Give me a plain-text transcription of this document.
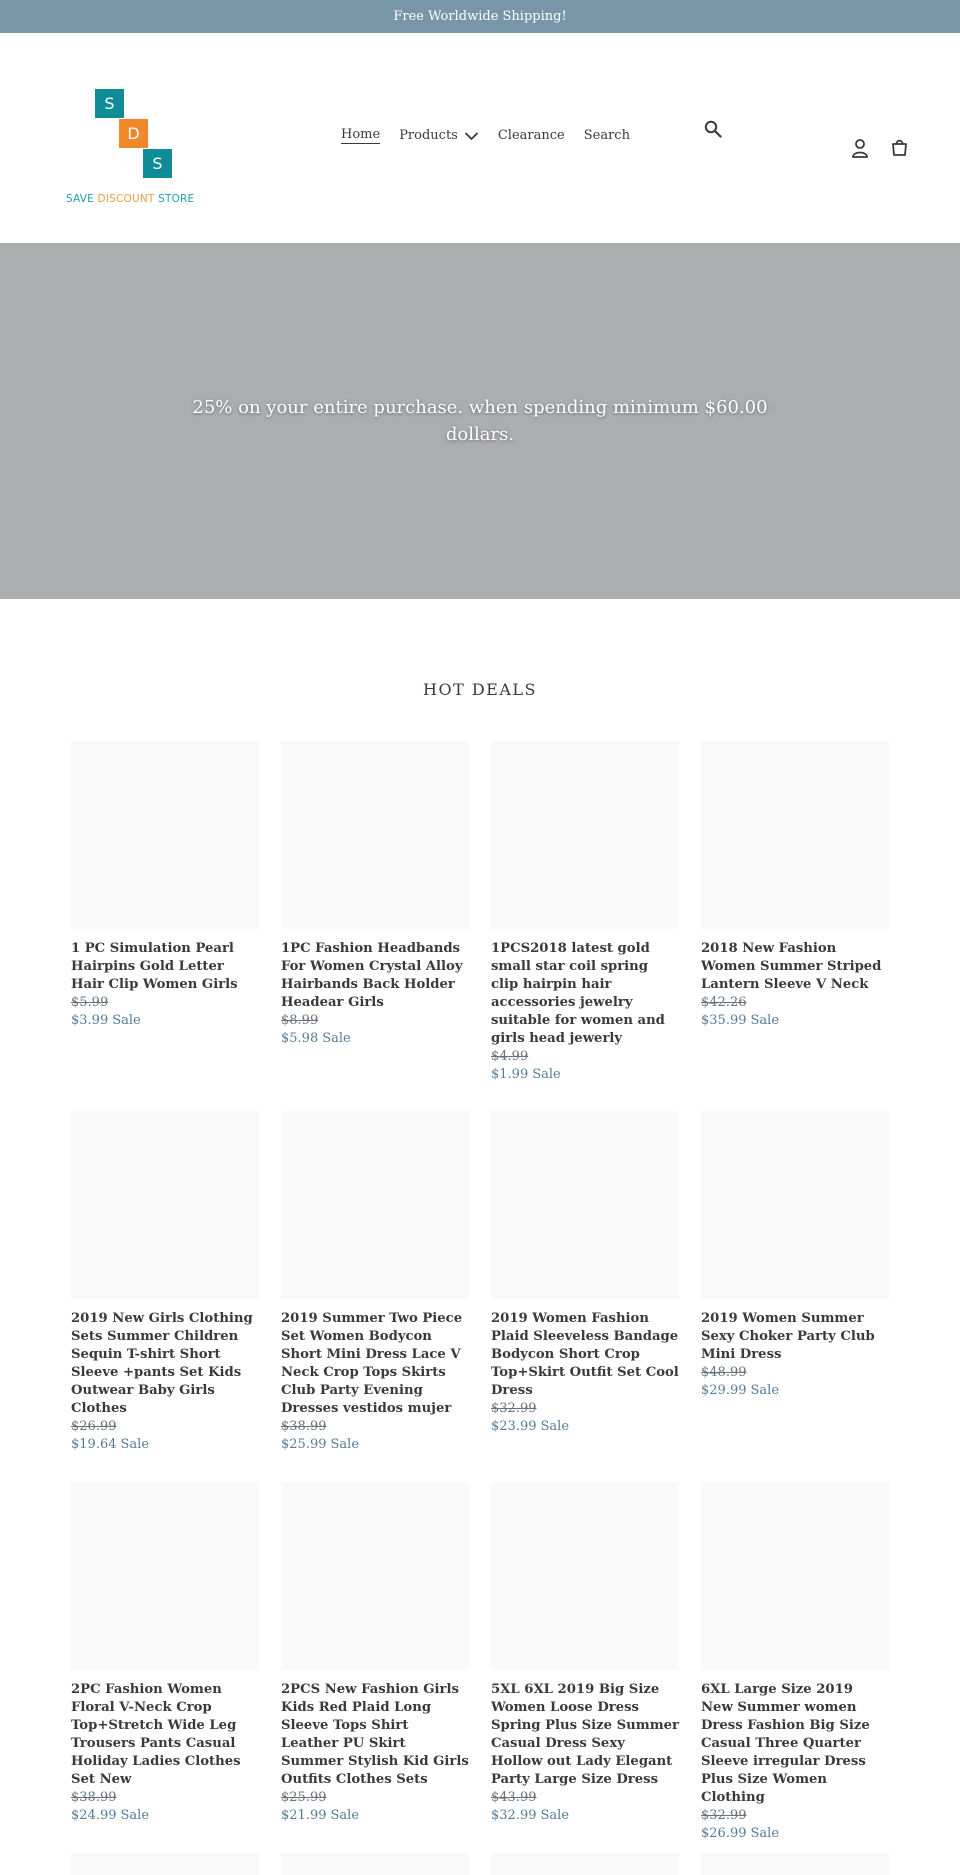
Free Worldwide Shipping!
S
D
S
SAVE DISCOUNT STORE
Home Products	Clearance Search
25% on your entire purchase. when spending minimum $60.00 dollars.
HOT DEALS
1 PC Simulation Pearl Hairpins Gold Letter Hair Clip Women Girls
$5.99
$3.99 Sale
1PC Fashion Headbands For Women Crystal Alloy Hairbands Back Holder Headear Girls
$8.99
$5.98 Sale
1PCS2018 latest gold small star coil spring clip hairpin hair accessories jewelry suitable for women and girls head jewerly
$4.99
$1.99 Sale
2018 New Fashion Women Summer Striped Lantern Sleeve V Neck
$42.26
$35.99 Sale
2019 New Girls Clothing Sets Summer Children Sequin T-shirt Short Sleeve +pants Set Kids Outwear Baby Girls Clothes
$26.99
$19.64 Sale
2019 Summer Two Piece Set Women Bodycon Short Mini Dress Lace V Neck Crop Tops Skirts Club Party Evening Dresses vestidos mujer
$38.99
$25.99 Sale
2019 Women Fashion Plaid Sleeveless Bandage Bodycon Short Crop Top+Skirt Outfit Set Cool Dress
$32.99
$23.99 Sale
2019 Women Summer Sexy Choker Party Club Mini Dress
$48.99
$29.99 Sale
2PC Fashion Women Floral V-Neck Crop Top+Stretch Wide Leg Trousers Pants Casual Holiday Ladies Clothes Set New
$38.99
$24.99 Sale
2PCS New Fashion Girls Kids Red Plaid Long Sleeve Tops Shirt Leather PU Skirt Summer Stylish Kid Girls Outfits Clothes Sets
$25.99
$21.99 Sale
5XL 6XL 2019 Big Size Women Loose Dress Spring Plus Size Summer Casual Dress Sexy Hollow out Lady Elegant Party Large Size Dress
$43.99
$32.99 Sale
6XL Large Size 2019 New Summer women Dress Fashion Big Size Casual Three Quarter Sleeve irregular Dress Plus Size Women Clothing
$32.99
$26.99 Sale
